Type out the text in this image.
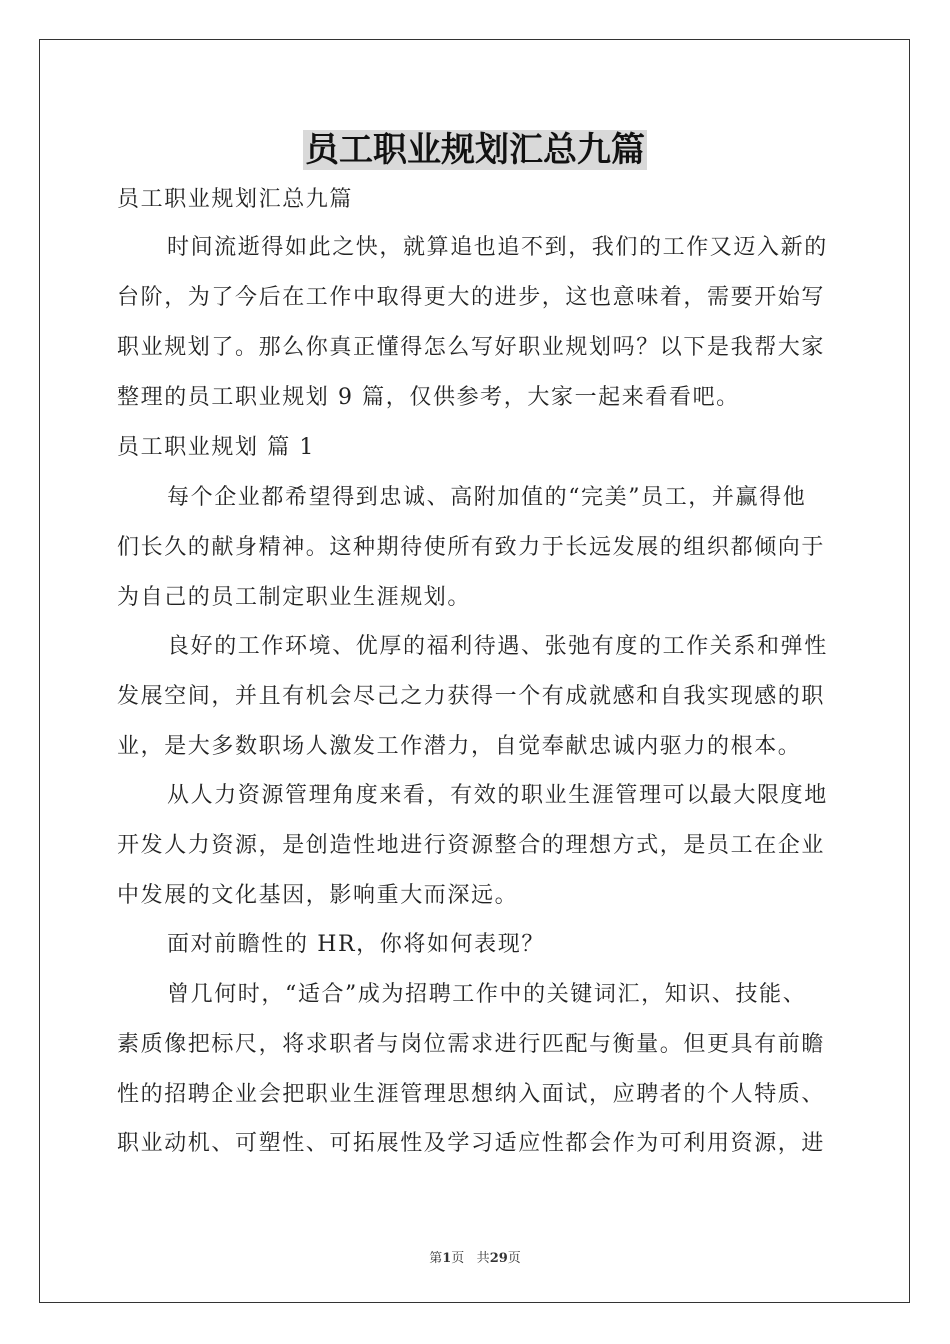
员工职业规划汇总九篇

员工职业规划汇总九篇

时间流逝得如此之快，就算追也追不到，我们的工作又迈入新的

台阶，为了今后在工作中取得更大的进步，这也意味着，需要开始写

职业规划了。那么你真正懂得怎么写好职业规划吗？以下是我帮大家

整理的员工职业规划 9 篇，仅供参考，大家一起来看看吧。

员工职业规划 篇 1

每个企业都希望得到忠诚、高附加值的“完美”员工，并赢得他

们长久的献身精神。这种期待使所有致力于长远发展的组织都倾向于

为自己的员工制定职业生涯规划。

良好的工作环境、优厚的福利待遇、张弛有度的工作关系和弹性

发展空间，并且有机会尽己之力获得一个有成就感和自我实现感的职

业，是大多数职场人激发工作潜力，自觉奉献忠诚内驱力的根本。

从人力资源管理角度来看，有效的职业生涯管理可以最大限度地

开发人力资源，是创造性地进行资源整合的理想方式，是员工在企业

中发展的文化基因，影响重大而深远。

面对前瞻性的 HR，你将如何表现？

曾几何时，“适合”成为招聘工作中的关键词汇，知识、技能、

素质像把标尺，将求职者与岗位需求进行匹配与衡量。但更具有前瞻

性的招聘企业会把职业生涯管理思想纳入面试，应聘者的个人特质、

职业动机、可塑性、可拓展性及学习适应性都会作为可利用资源，进

第1页 共29页
